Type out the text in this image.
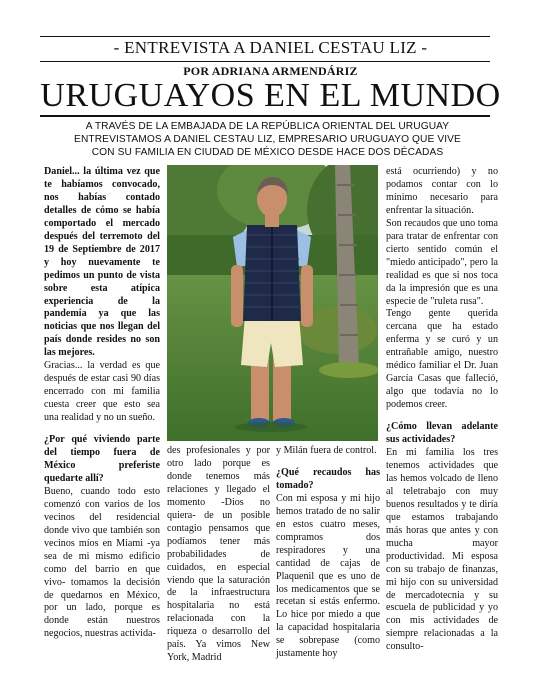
- ENTREVISTA A DANIEL CESTAU LIZ -
POR ADRIANA ARMENDÁRIZ
URUGUAYOS EN EL MUNDO
A TRAVÉS DE LA EMBAJADA DE LA REPÚBLICA ORIENTAL DEL URUGUAY
ENTREVISTAMOS A DANIEL CESTAU LIZ, EMPRESARIO URUGUAYO QUE VIVE
CON SU FAMILIA EN CIUDAD DE MÉXICO DESDE HACE DOS DÉCADAS

Daniel... la última vez que te habíamos convocado, nos habías contado detalles de cómo se había comportado el mercado después del terremoto del 19 de Septiembre de 2017 y hoy nuevamente te pedimos un punto de vista sobre esta atípica experiencia de la pandemia ya que las noticias que nos llegan del país donde resides no son las mejores.

Gracias... la verdad es que después de estar casi 90 días encerrado con mi familia cuesta creer que esto sea una realidad y no un sueño.

¿Por qué viviendo parte del tiempo fuera de México preferiste quedarte allí?

Bueno, cuando todo esto comenzó con varios de los vecinos del residencial donde vivo que también son vecinos míos en Miami -ya sea de mi mismo edificio como del barrio en que vivo- tomamos la decisión de quedarnos en México, por un lado, porque es donde están nuestros negocios, nuestras activida-

des profesionales y por otro lado porque es donde tenemos más relaciones y llegado el momento -Dios no quiera- de un posible contagio pensamos que podíamos tener más probabilidades de cuidados, en especial viendo que la saturación de la infraestructura hospitalaria no está relacionada con la riqueza o desarrollo del país. Ya vimos New York, Madrid

y Milán fuera de control.

¿Qué recaudos has tomado?

Con mi esposa y mi hijo hemos tratado de no salir en estos cuatro meses, compramos dos respiradores y una cantidad de cajas de Plaquenil que es uno de los medicamentos que se recetan si estás enfermo. Lo hice por miedo a que la capacidad hospitalaria se sobrepase (como justamente hoy

está ocurriendo) y no podamos contar con lo mínimo necesario para enfrentar la situación.

Son recaudos que uno toma para tratar de enfrentar con cierto sentido común el "miedo anticipado", pero la realidad es que si nos toca da la impresión que es una especie de "ruleta rusa".

Tengo gente querida cercana que ha estado enferma y se curó y un entrañable amigo, nuestro médico familiar el Dr. Juan García Casas que falleció, algo que todavía no lo podemos creer.

¿Cómo llevan adelante sus actividades?

En mi familia los tres tenemos actividades que las hemos volcado de lleno al teletrabajo con muy buenos resultados y te diría que estamos trabajando más horas que antes y con mucha mayor productividad. Mi esposa con su trabajo de finanzas, mi hijo con su universidad de mercadotecnia y su escuela de publicidad y yo con mis actividades de siempre relacionadas a la consulto-
